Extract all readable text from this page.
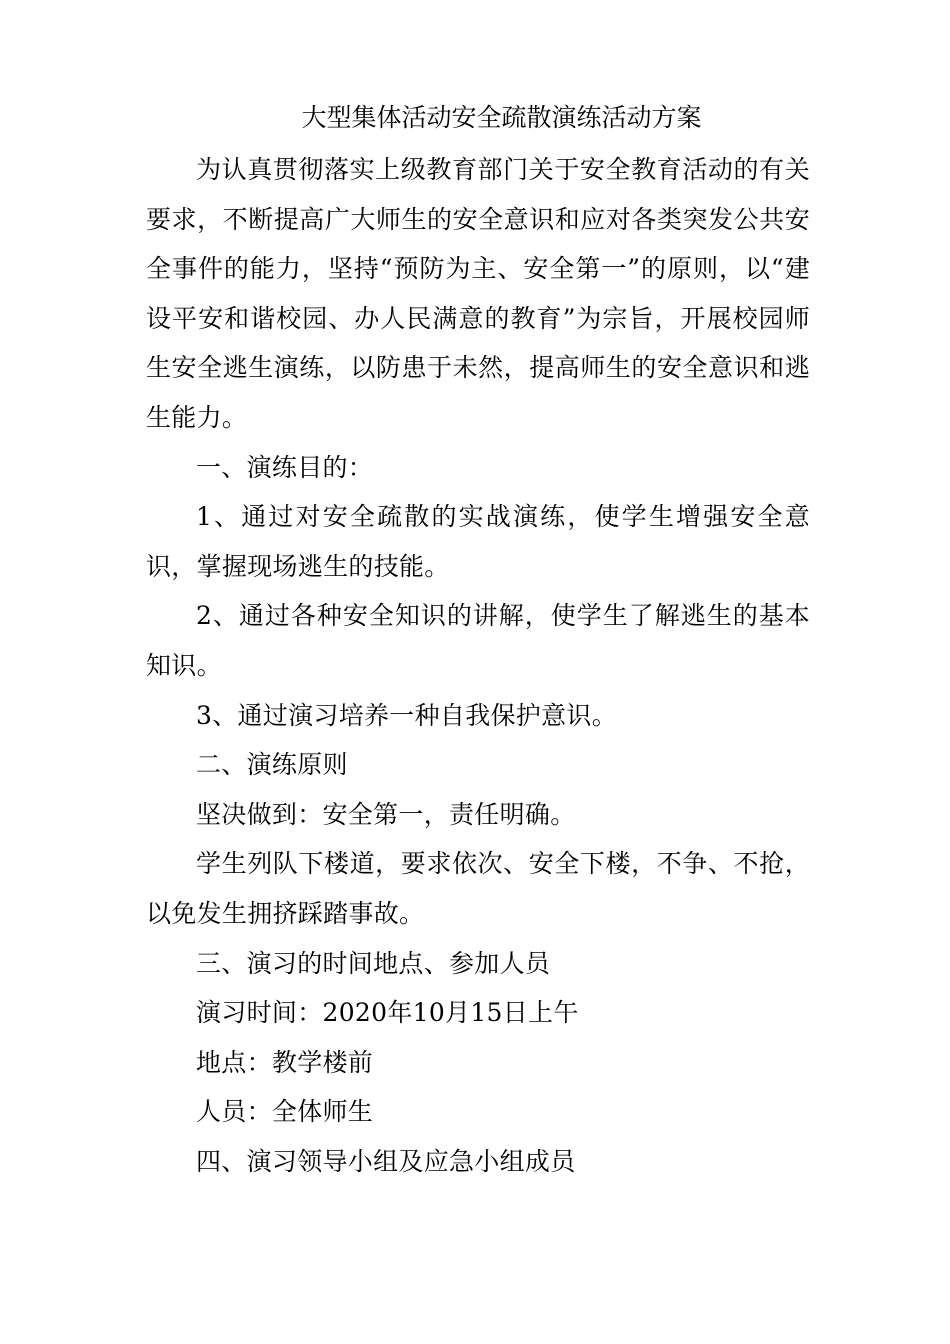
大型集体活动安全疏散演练活动方案

为认真贯彻落实上级教育部门关于安全教育活动的有关要求，不断提高广大师生的安全意识和应对各类突发公共安全事件的能力，坚持“预防为主、安全第一”的原则，以“建设平安和谐校园、办人民满意的教育”为宗旨，开展校园师生安全逃生演练，以防患于未然，提高师生的安全意识和逃生能力。

一、演练目的：

1、通过对安全疏散的实战演练，使学生增强安全意识，掌握现场逃生的技能。

2、通过各种安全知识的讲解，使学生了解逃生的基本知识。

3、通过演习培养一种自我保护意识。

二、演练原则

坚决做到：安全第一，责任明确。

学生列队下楼道，要求依次、安全下楼，不争、不抢，以免发生拥挤踩踏事故。

三、演习的时间地点、参加人员

演习时间：2020年10月15日上午

地点：教学楼前

人员：全体师生

四、演习领导小组及应急小组成员
